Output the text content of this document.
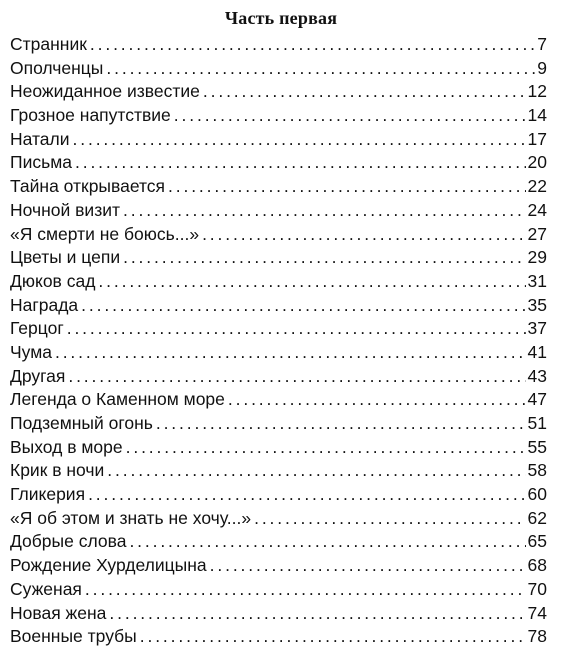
Часть первая
Странник . . .	7
Ополченцы . . .	9
Неожиданное известие . . .	12
Грозное напутствие . . .	14
Натали . . .	17
Письма . . .	20
Тайна открывается . . .	22
Ночной визит . . .	24
«Я смерти не боюсь...» . . .	27
Цветы и цепи . . .	29
Дюков сад . . .	31
Награда . . .	35
Герцог . . .	37
Чума . . .	41
Другая . . .	43
Легенда о Каменном море . . .	47
Подземный огонь . . .	51
Выход в море . . .	55
Крик в ночи . . .	58
Гликерия . . .	60
«Я об этом и знать не хочу...» . . .	62
Добрые слова . . .	65
Рождение Хурделицына . . .	68
Суженая . . .	70
Новая жена . . .	74
Военные трубы . . .	78
